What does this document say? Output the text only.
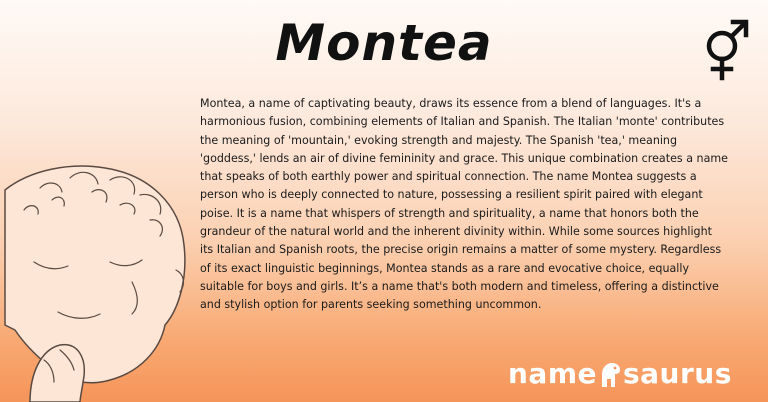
Montea

Montea, a name of captivating beauty, draws its essence from a blend of languages. It's a harmonious fusion, combining elements of Italian and Spanish. The Italian 'monte' contributes the meaning of 'mountain,' evoking strength and majesty. The Spanish 'tea,' meaning 'goddess,' lends an air of divine femininity and grace. This unique combination creates a name that speaks of both earthly power and spiritual connection. The name Montea suggests a person who is deeply connected to nature, possessing a resilient spirit paired with elegant poise. It is a name that whispers of strength and spirituality, a name that honors both the grandeur of the natural world and the inherent divinity within. While some sources highlight its Italian and Spanish roots, the precise origin remains a matter of some mystery. Regardless of its exact linguistic beginnings, Montea stands as a rare and evocative choice, equally suitable for boys and girls. It’s a name that's both modern and timeless, offering a distinctive and stylish option for parents seeking something uncommon.

name saurus
